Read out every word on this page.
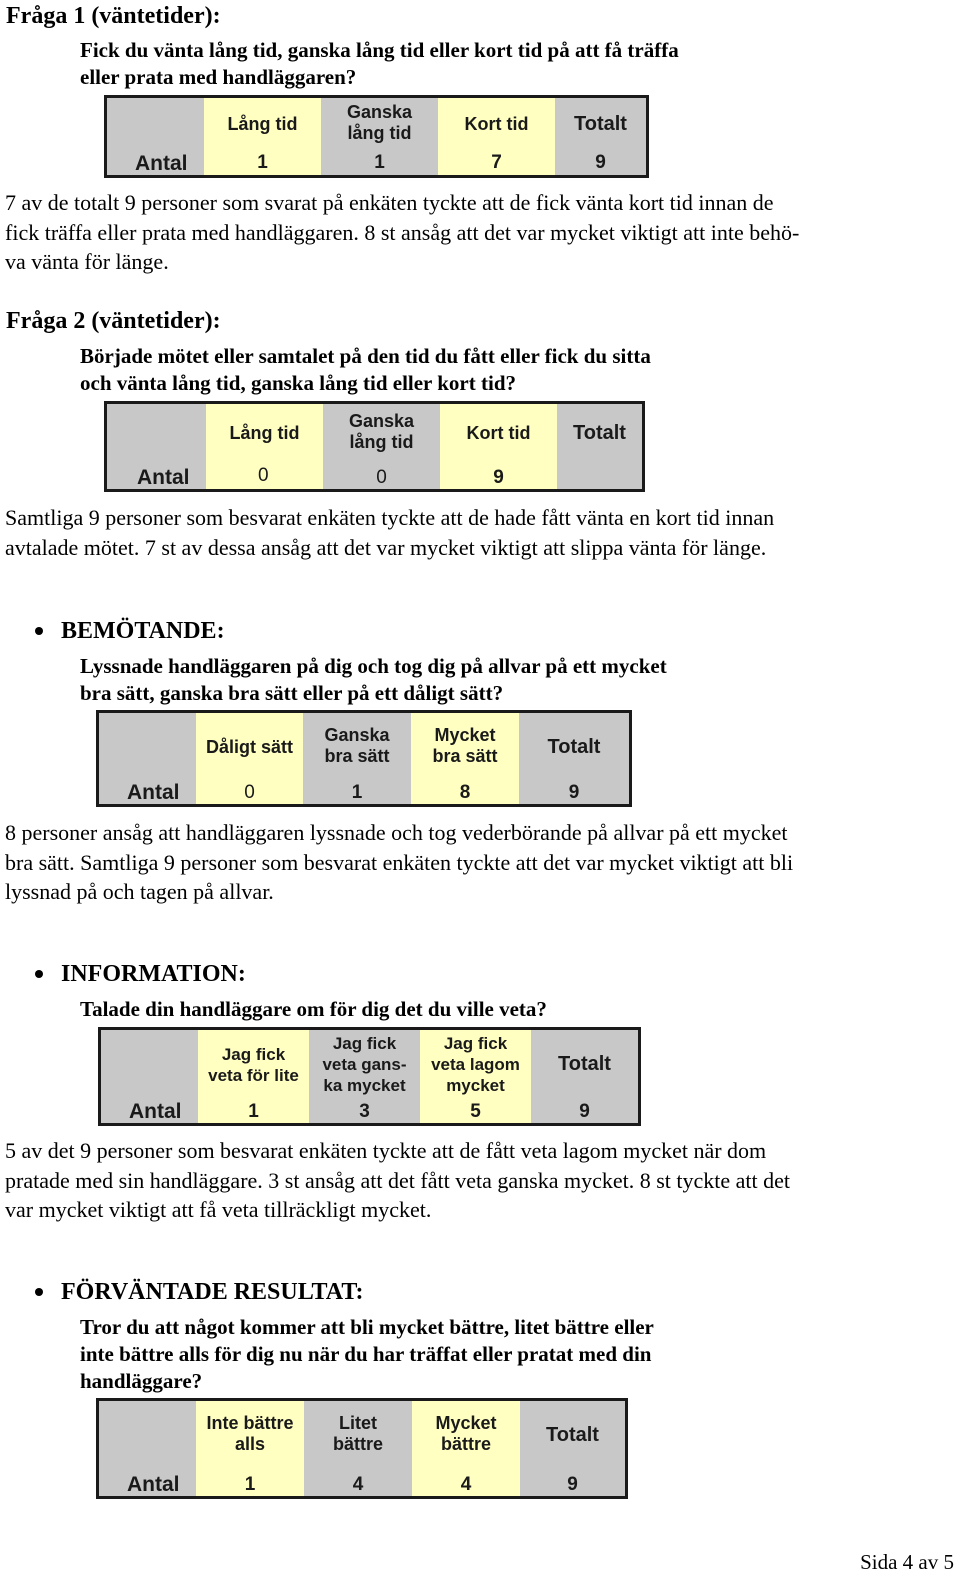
Fråga 1 (väntetider):
Fick du vänta lång tid, ganska lång tid eller kort tid på att få träffa
eller prata med handläggaren?
Antal
Lång tid
1
Ganska
lång tid
1
Kort tid
7
Totalt
9
7 av de totalt 9 personer som svarat på enkäten tyckte att de fick vänta kort tid innan de
fick träffa eller prata med handläggaren. 8 st ansåg att det var mycket viktigt att inte behö-
va vänta för länge.
Fråga 2 (väntetider):
Började mötet eller samtalet på den tid du fått eller fick du sitta
och vänta lång tid, ganska lång tid eller kort tid?
Antal
Lång tid
0
Ganska
lång tid
0
Kort tid
9
Totalt
Samtliga 9 personer som besvarat enkäten tyckte att de hade fått vänta en kort tid innan
avtalade mötet. 7 st av dessa ansåg att det var mycket viktigt att slippa vänta för länge.
BEMÖTANDE:
Lyssnade handläggaren på dig och tog dig på allvar på ett mycket
bra sätt, ganska bra sätt eller på ett dåligt sätt?
Antal
Dåligt sätt
0
Ganska
bra sätt
1
Mycket
bra sätt
8
Totalt
9
8 personer ansåg att handläggaren lyssnade och tog vederbörande på allvar på ett mycket
bra sätt. Samtliga 9 personer som besvarat enkäten tyckte att det var mycket viktigt att bli
lyssnad på och tagen på allvar.
INFORMATION:
Talade din handläggare om för dig det du ville veta?
Antal
Jag fick
veta för lite
1
Jag fick
veta gans-
ka mycket
3
Jag fick
veta lagom
mycket
5
Totalt
9
5 av det 9 personer som besvarat enkäten tyckte att de fått veta lagom mycket när dom
pratade med sin handläggare. 3 st ansåg att det fått veta ganska mycket. 8 st tyckte att det
var mycket viktigt att få veta tillräckligt mycket.
FÖRVÄNTADE RESULTAT:
Tror du att något kommer att bli mycket bättre, litet bättre eller
inte bättre alls för dig nu när du har träffat eller pratat med din
handläggare?
Antal
Inte bättre
alls
1
Litet
bättre
4
Mycket
bättre
4
Totalt
9
Sida 4 av 5
